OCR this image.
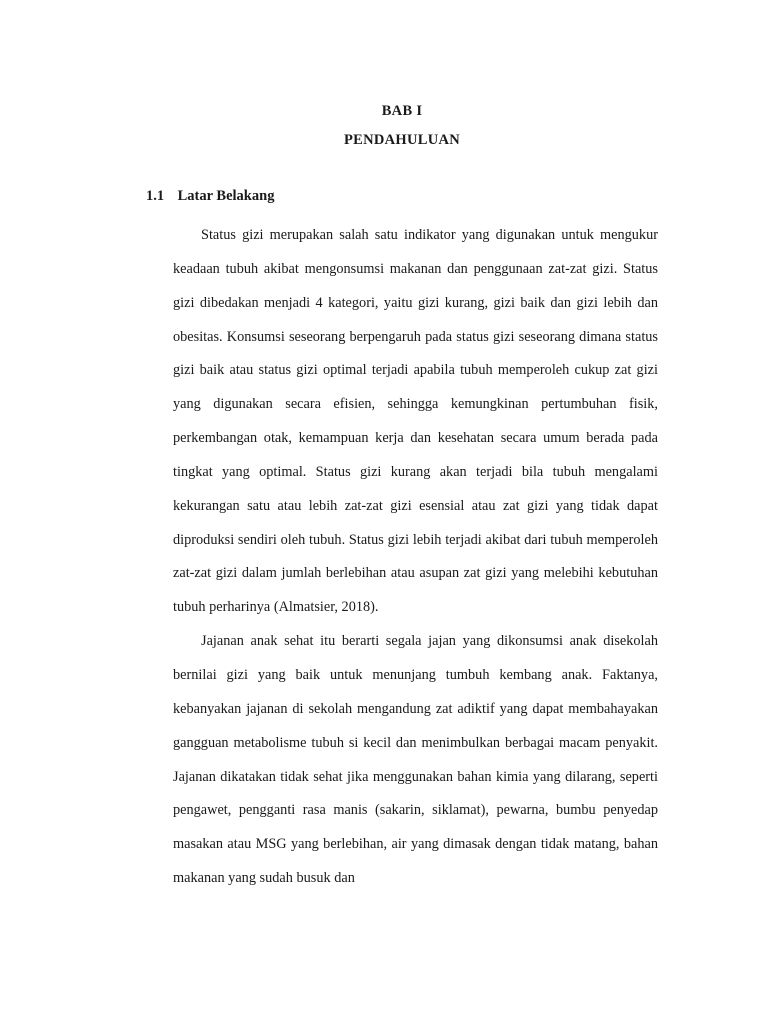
BAB I
PENDAHULUAN
1.1 Latar Belakang

Status gizi merupakan salah satu indikator yang digunakan untuk mengukur keadaan tubuh akibat mengonsumsi makanan dan penggunaan zat-zat gizi. Status gizi dibedakan menjadi 4 kategori, yaitu gizi kurang, gizi baik dan gizi lebih dan obesitas. Konsumsi seseorang berpengaruh pada status gizi seseorang dimana status gizi baik atau status gizi optimal terjadi apabila tubuh memperoleh cukup zat gizi yang digunakan secara efisien, sehingga kemungkinan pertumbuhan fisik, perkembangan otak, kemampuan kerja dan kesehatan secara umum berada pada tingkat yang optimal. Status gizi kurang akan terjadi bila tubuh mengalami kekurangan satu atau lebih zat-zat gizi esensial atau zat gizi yang tidak dapat diproduksi sendiri oleh tubuh. Status gizi lebih terjadi akibat dari tubuh memperoleh zat-zat gizi dalam jumlah berlebihan atau asupan zat gizi yang melebihi kebutuhan tubuh perharinya (Almatsier, 2018).

Jajanan anak sehat itu berarti segala jajan yang dikonsumsi anak disekolah bernilai gizi yang baik untuk menunjang tumbuh kembang anak. Faktanya, kebanyakan jajanan di sekolah mengandung zat adiktif yang dapat membahayakan gangguan metabolisme tubuh si kecil dan menimbulkan berbagai macam penyakit. Jajanan dikatakan tidak sehat jika menggunakan bahan kimia yang dilarang, seperti pengawet, pengganti rasa manis (sakarin, siklamat), pewarna, bumbu penyedap masakan atau MSG yang berlebihan, air yang dimasak dengan tidak matang, bahan makanan yang sudah busuk dan
